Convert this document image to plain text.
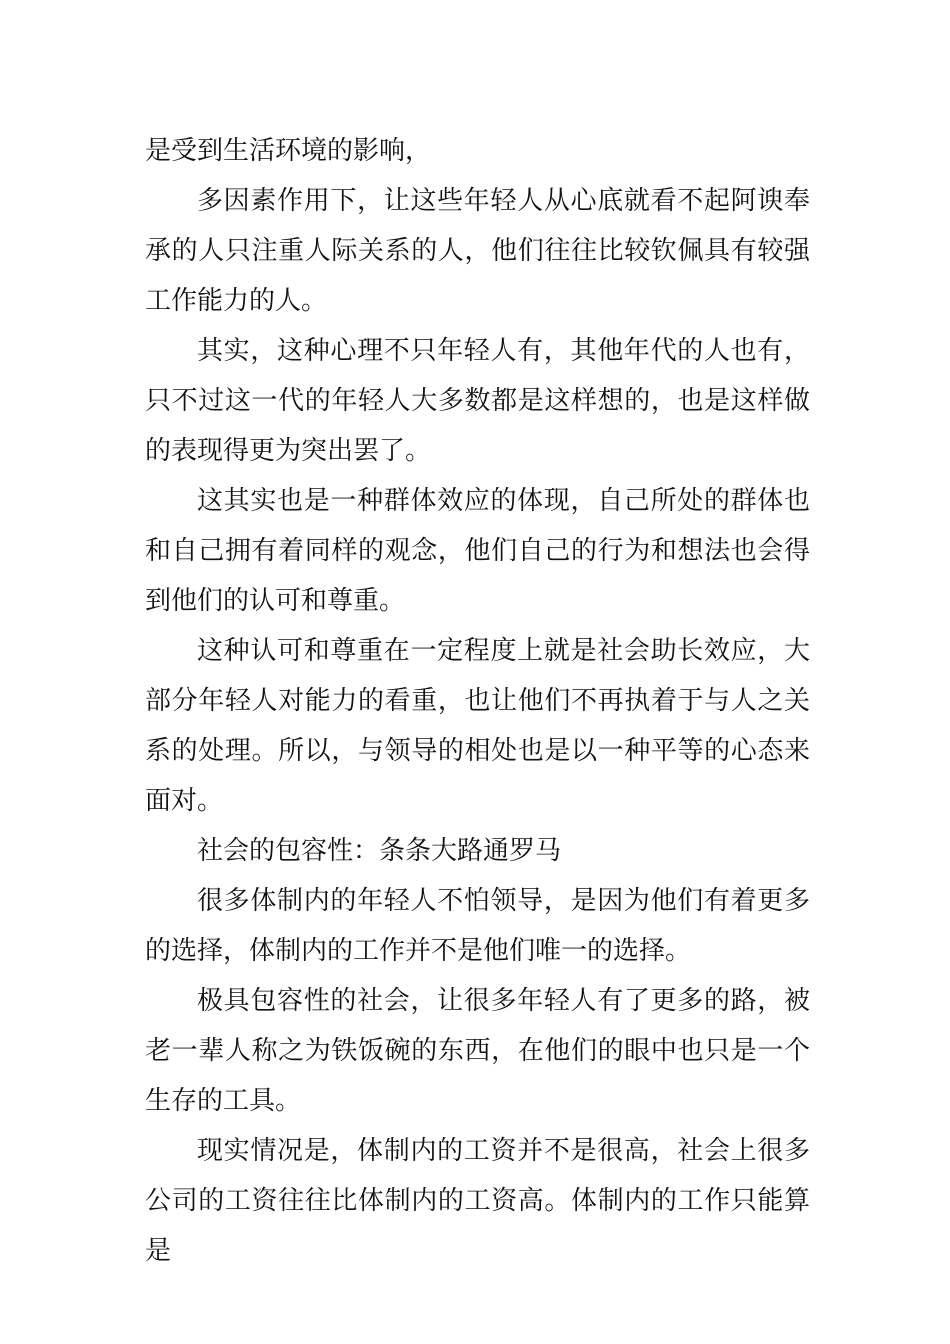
是受到生活环境的影响，

多因素作用下，让这些年轻人从心底就看不起阿谀奉承的人只注重人际关系的人，他们往往比较钦佩具有较强工作能力的人。

其实，这种心理不只年轻人有，其他年代的人也有，只不过这一代的年轻人大多数都是这样想的，也是这样做的表现得更为突出罢了。

这其实也是一种群体效应的体现，自己所处的群体也和自己拥有着同样的观念，他们自己的行为和想法也会得到他们的认可和尊重。

这种认可和尊重在一定程度上就是社会助长效应，大部分年轻人对能力的看重，也让他们不再执着于与人之关系的处理。所以，与领导的相处也是以一种平等的心态来面对。

社会的包容性：条条大路通罗马

很多体制内的年轻人不怕领导，是因为他们有着更多的选择，体制内的工作并不是他们唯一的选择。

极具包容性的社会，让很多年轻人有了更多的路，被老一辈人称之为铁饭碗的东西，在他们的眼中也只是一个生存的工具。

现实情况是，体制内的工资并不是很高，社会上很多公司的工资往往比体制内的工资高。体制内的工作只能算是
